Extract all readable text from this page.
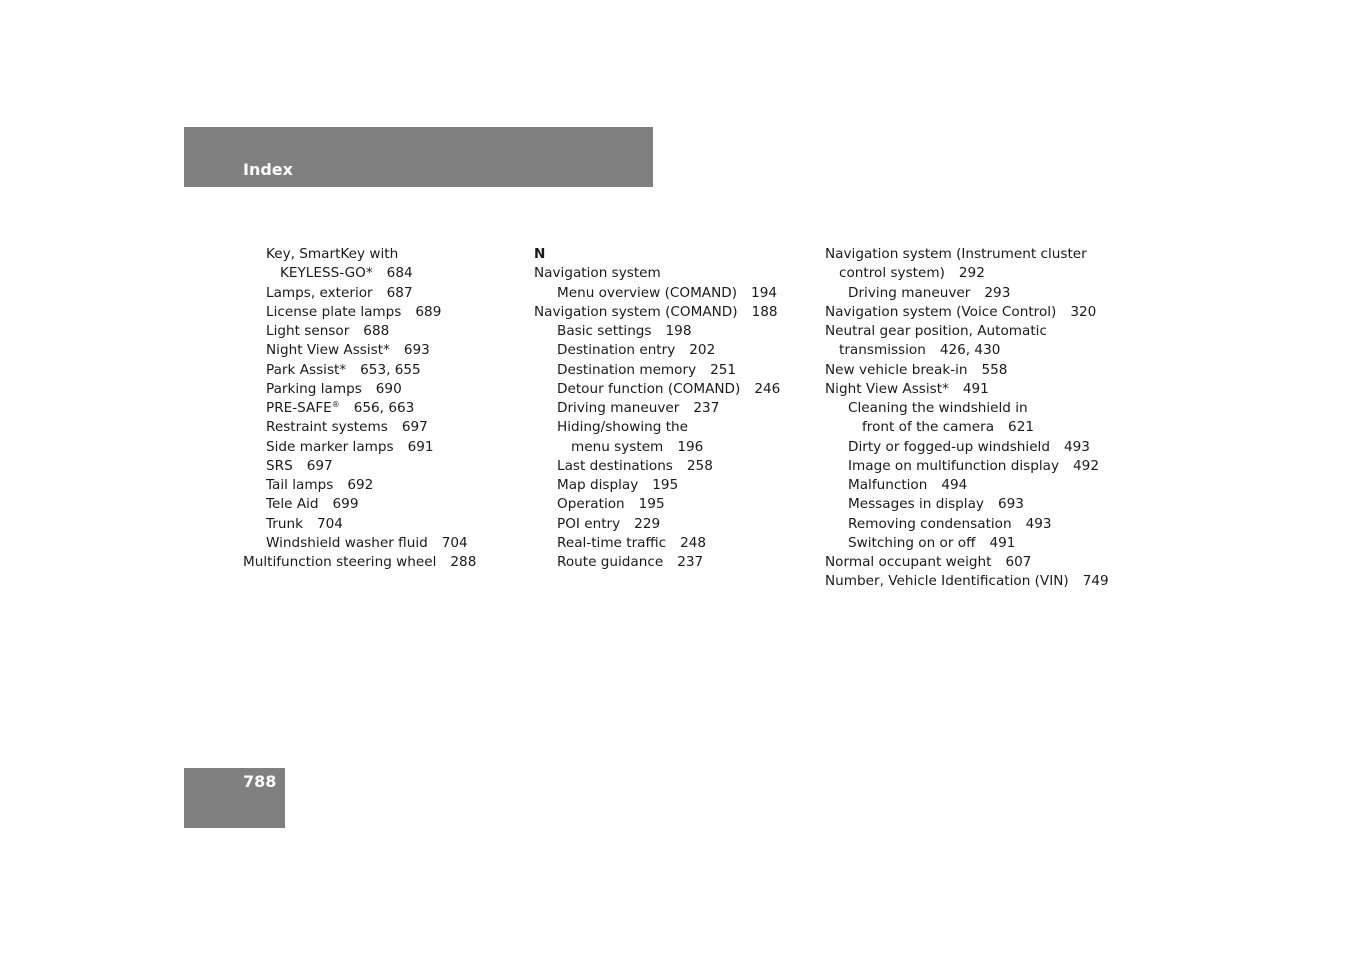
Index
Key, SmartKey with
KEYLESS-GO* 684
Lamps, exterior 687
License plate lamps 689
Light sensor 688
Night View Assist* 693
Park Assist* 653, 655
Parking lamps 690
PRE-SAFE® 656, 663
Restraint systems 697
Side marker lamps 691
SRS 697
Tail lamps 692
Tele Aid 699
Trunk 704
Windshield washer fluid 704
Multifunction steering wheel 288
N
Navigation system
Menu overview (COMAND) 194
Navigation system (COMAND) 188
Basic settings 198
Destination entry 202
Destination memory 251
Detour function (COMAND) 246
Driving maneuver 237
Hiding/showing the
menu system 196
Last destinations 258
Map display 195
Operation 195
POI entry 229
Real-time traffic 248
Route guidance 237
Navigation system (Instrument cluster
control system) 292
Driving maneuver 293
Navigation system (Voice Control) 320
Neutral gear position, Automatic
transmission 426, 430
New vehicle break-in 558
Night View Assist* 491
Cleaning the windshield in
front of the camera 621
Dirty or fogged-up windshield 493
Image on multifunction display 492
Malfunction 494
Messages in display 693
Removing condensation 493
Switching on or off 491
Normal occupant weight 607
Number, Vehicle Identification (VIN) 749
788
